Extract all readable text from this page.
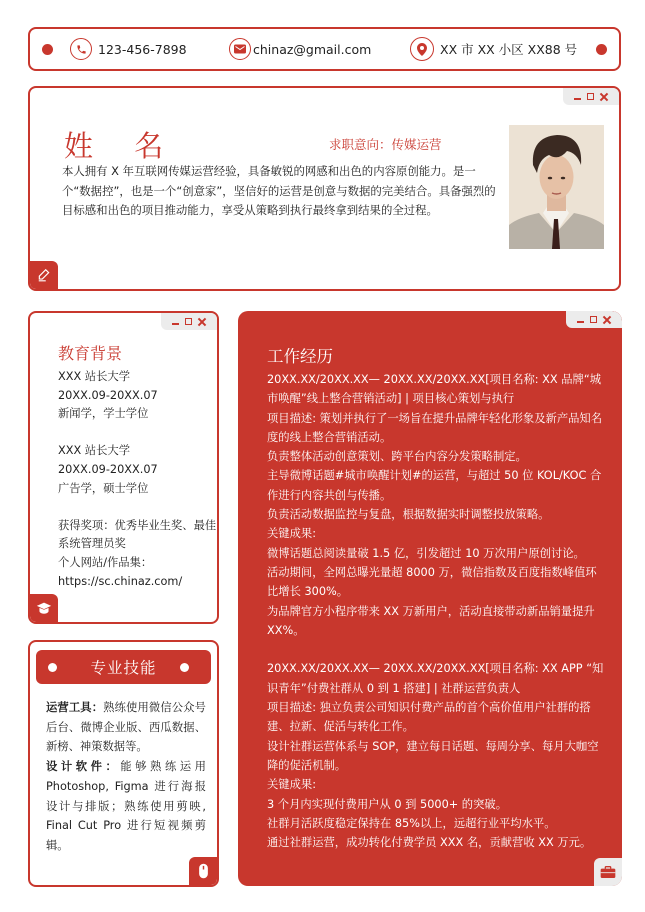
123-456-7898	chinaz@gmail.com	XX 市 XX 小区 XX88 号
姓 名	求职意向：传媒运营
本人拥有 X 年互联网传媒运营经验，具备敏锐的网感和出色的内容原创能力。是一个“数据控”，也是一个“创意家”，坚信好的运营是创意与数据的完美结合。具备强烈的目标感和出色的项目推动能力，享受从策略到执行最终拿到结果的全过程。
教育背景
XXX 站长大学
20XX.09-20XX.07
新闻学，学士学位
XXX 站长大学
20XX.09-20XX.07
广告学，硕士学位
获得奖项：优秀毕业生奖、最佳系统管理员奖
个人网站/作品集：
https://sc.chinaz.com/
专业技能
运营工具：熟练使用微信公众号后台、微博企业版、西瓜数据、新榜、神策数据等。
设计软件：能够熟练运用 Photoshop, Figma 进行海报设计与排版；熟练使用剪映, Final Cut Pro 进行短视频剪辑。
工作经历
20XX.XX/20XX.XX— 20XX.XX/20XX.XX[项目名称: XX 品牌“城市唤醒”线上整合营销活动] | 项目核心策划与执行
项目描述: 策划并执行了一场旨在提升品牌年轻化形象及新产品知名度的线上整合营销活动。
负责整体活动创意策划、跨平台内容分发策略制定。
主导微博话题#城市唤醒计划#的运营，与超过 50 位 KOL/KOC 合作进行内容共创与传播。
负责活动数据监控与复盘，根据数据实时调整投放策略。
关键成果:
微博话题总阅读量破 1.5 亿，引发超过 10 万次用户原创讨论。
活动期间，全网总曝光量超 8000 万，微信指数及百度指数峰值环比增长 300%。
为品牌官方小程序带来 XX 万新用户，活动直接带动新品销量提升 XX%。
20XX.XX/20XX.XX— 20XX.XX/20XX.XX[项目名称: XX APP “知识青年”付费社群从 0 到 1 搭建] | 社群运营负责人
项目描述: 独立负责公司知识付费产品的首个高价值用户社群的搭建、拉新、促活与转化工作。
设计社群运营体系与 SOP，建立每日话题、每周分享、每月大咖空降的促活机制。
关键成果:
3 个月内实现付费用户从 0 到 5000+ 的突破。
社群月活跃度稳定保持在 85%以上，远超行业平均水平。
通过社群运营，成功转化付费学员 XXX 名，贡献营收 XX 万元。
